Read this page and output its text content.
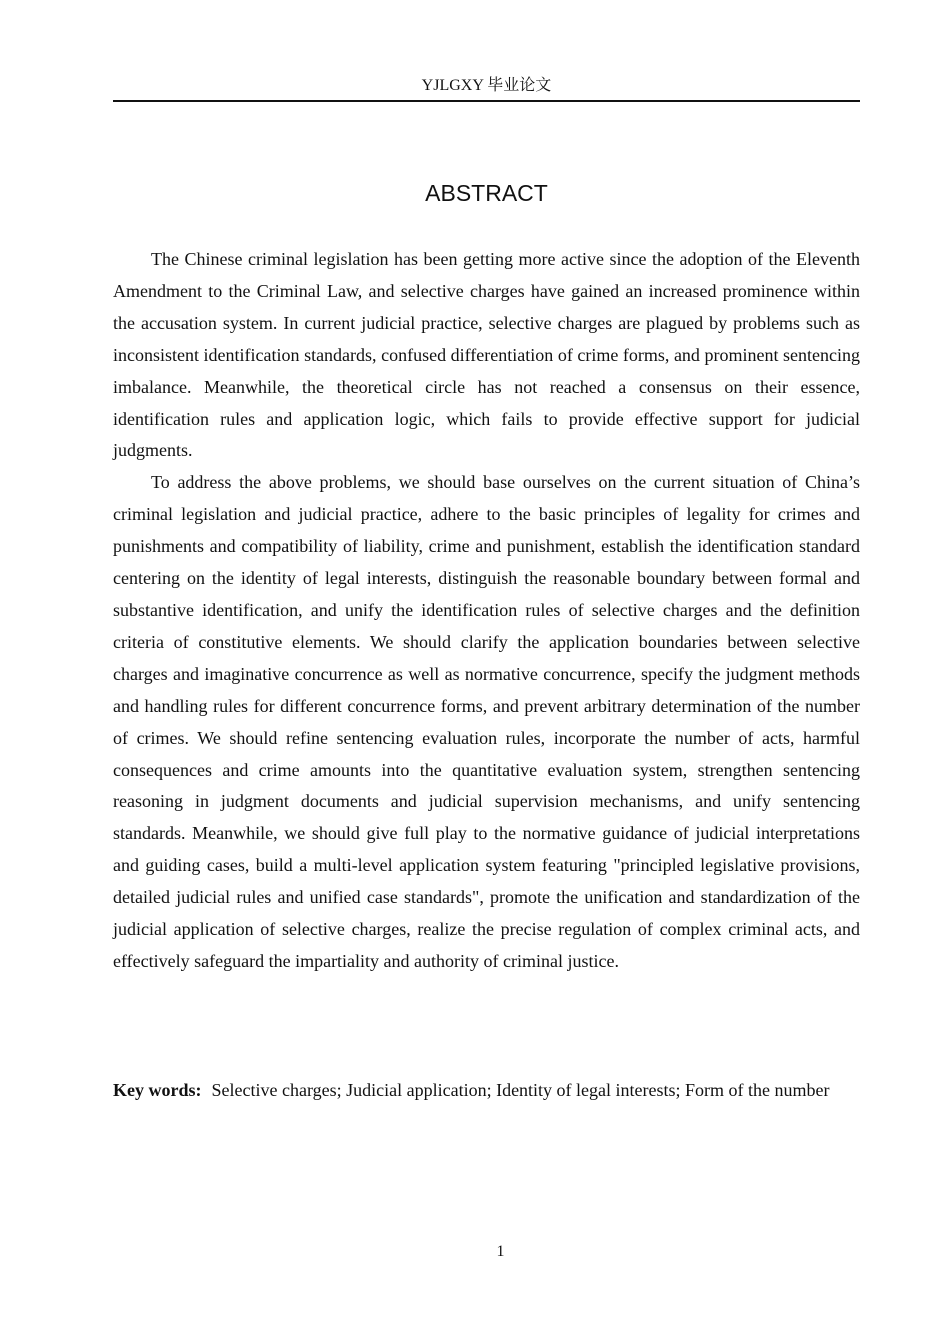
YJLGXY 毕业论文
ABSTRACT

The Chinese criminal legislation has been getting more active since the adoption of the Eleventh Amendment to the Criminal Law, and selective charges have gained an increased prominence within the accusation system. In current judicial practice, selective charges are plagued by problems such as inconsistent identification standards, confused differentiation of crime forms, and prominent sentencing imbalance. Meanwhile, the theoretical circle has not reached a consensus on their essence, identification rules and application logic, which fails to provide effective support for judicial judgments.

To address the above problems, we should base ourselves on the current situation of China’s criminal legislation and judicial practice, adhere to the basic principles of legality for crimes and punishments and compatibility of liability, crime and punishment, establish the identification standard centering on the identity of legal interests, distinguish the reasonable boundary between formal and substantive identification, and unify the identification rules of selective charges and the definition criteria of constitutive elements. We should clarify the application boundaries between selective charges and imaginative concurrence as well as normative concurrence, specify the judgment methods and handling rules for different concurrence forms, and prevent arbitrary determination of the number of crimes. We should refine sentencing evaluation rules, incorporate the number of acts, harmful consequences and crime amounts into the quantitative evaluation system, strengthen sentencing reasoning in judgment documents and judicial supervision mechanisms, and unify sentencing standards. Meanwhile, we should give full play to the normative guidance of judicial interpretations and guiding cases, build a multi-level application system featuring "principled legislative provisions, detailed judicial rules and unified case standards", promote the unification and standardization of the judicial application of selective charges, realize the precise regulation of complex criminal acts, and effectively safeguard the impartiality and authority of criminal justice.

Key words: Selective charges; Judicial application; Identity of legal interests; Form of the number
1
